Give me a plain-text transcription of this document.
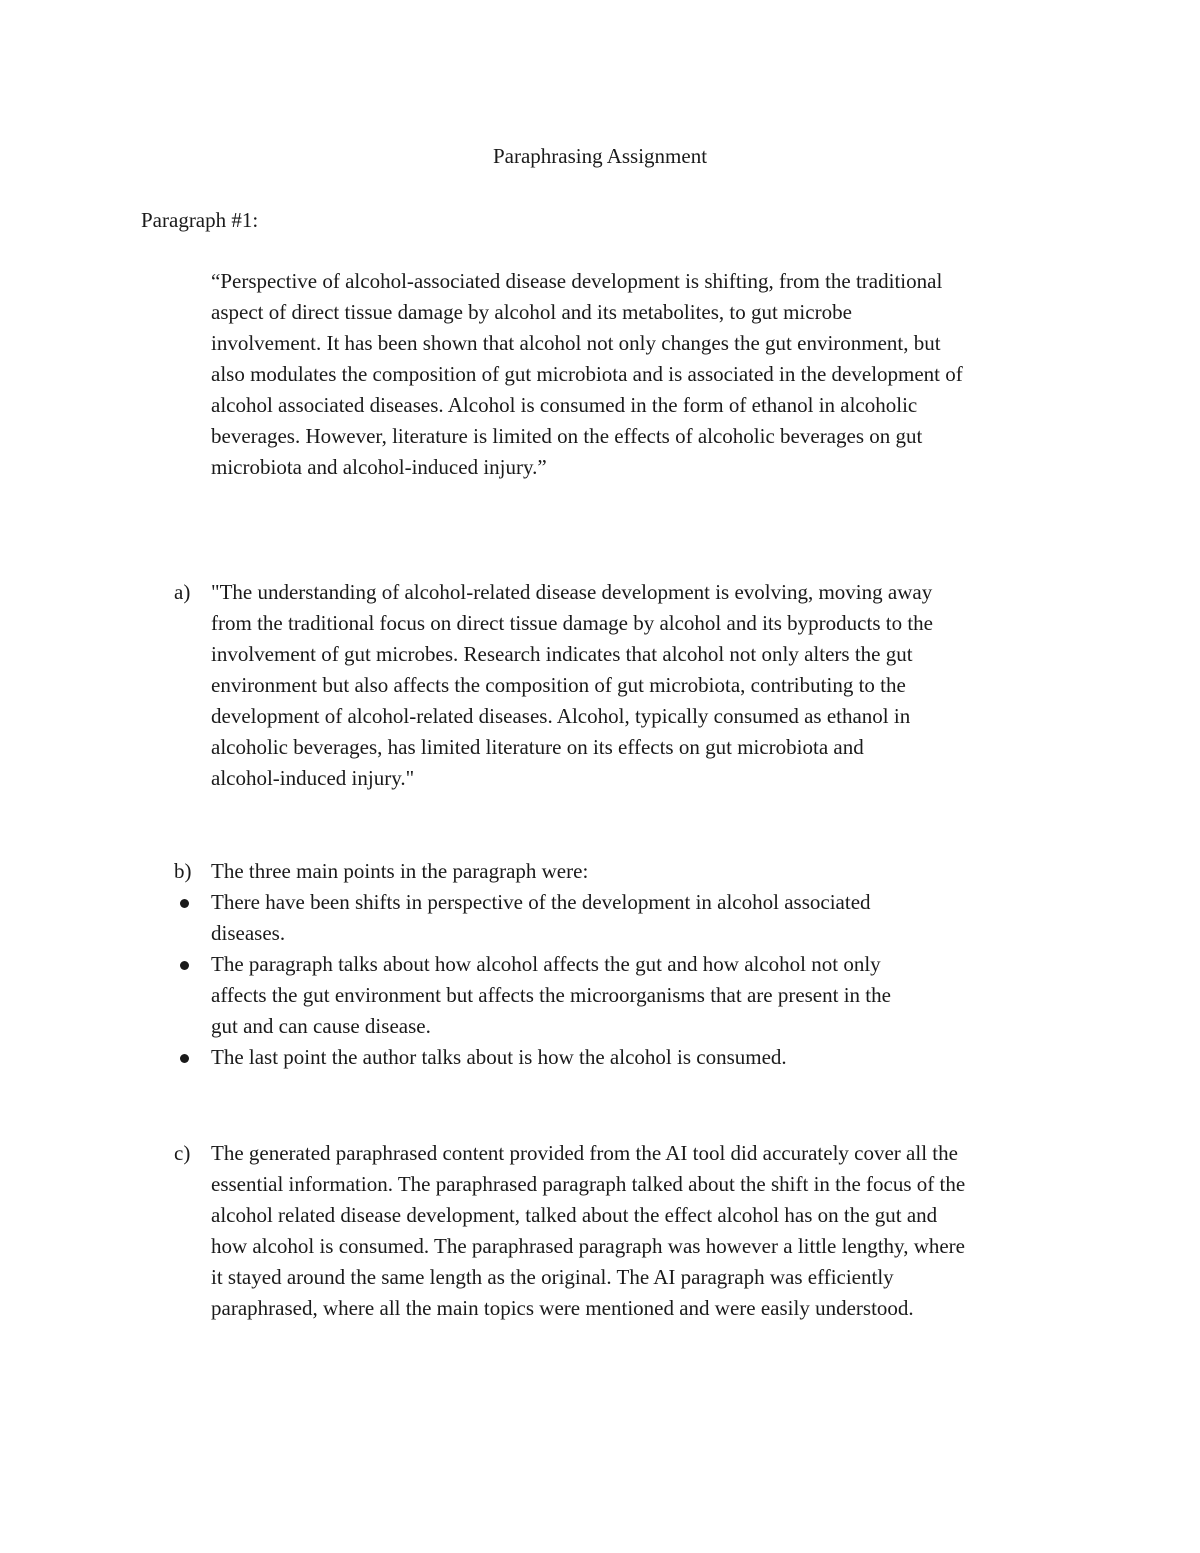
Paraphrasing Assignment
Paragraph #1:
“Perspective of alcohol-associated disease development is shifting, from the traditional
aspect of direct tissue damage by alcohol and its metabolites, to gut microbe
involvement. It has been shown that alcohol not only changes the gut environment, but
also modulates the composition of gut microbiota and is associated in the development of
alcohol associated diseases. Alcohol is consumed in the form of ethanol in alcoholic
beverages. However, literature is limited on the effects of alcoholic beverages on gut
microbiota and alcohol-induced injury.”
a) "The understanding of alcohol-related disease development is evolving, moving away
from the traditional focus on direct tissue damage by alcohol and its byproducts to the
involvement of gut microbes. Research indicates that alcohol not only alters the gut
environment but also affects the composition of gut microbiota, contributing to the
development of alcohol-related diseases. Alcohol, typically consumed as ethanol in
alcoholic beverages, has limited literature on its effects on gut microbiota and
alcohol-induced injury."
b) The three main points in the paragraph were:
There have been shifts in perspective of the development in alcohol associated
diseases.
The paragraph talks about how alcohol affects the gut and how alcohol not only
affects the gut environment but affects the microorganisms that are present in the
gut and can cause disease.
The last point the author talks about is how the alcohol is consumed.
c) The generated paraphrased content provided from the AI tool did accurately cover all the
essential information. The paraphrased paragraph talked about the shift in the focus of the
alcohol related disease development, talked about the effect alcohol has on the gut and
how alcohol is consumed. The paraphrased paragraph was however a little lengthy, where
it stayed around the same length as the original. The AI paragraph was efficiently
paraphrased, where all the main topics were mentioned and were easily understood.
